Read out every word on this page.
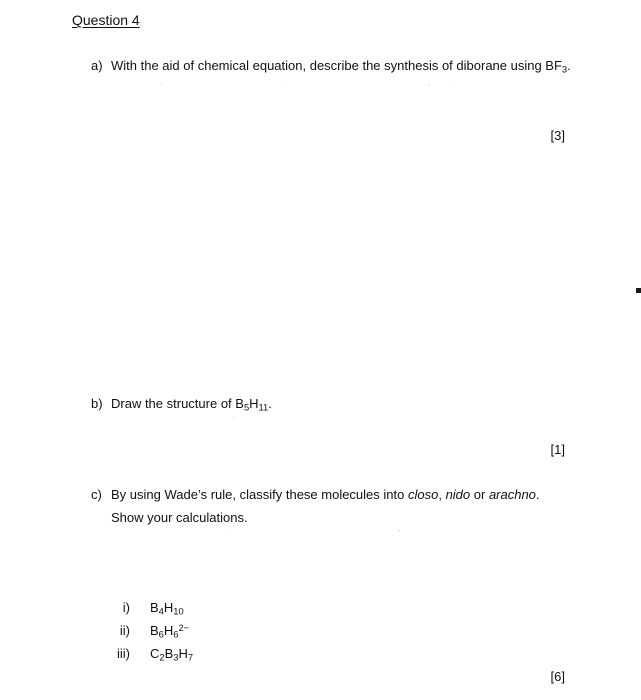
Question 4
a) With the aid of chemical equation, describe the synthesis of diborane using $BF_3$.
.	·	,	·
[3]
b) Draw the structure of $B_5H_{11}$.
·
[1]
c) By using Wade’s rule, classify these molecules into closo, nido or arachno.
Show your calculations.
·	-
i) $B_4H_{10}$
ii) $B_6H_6^{2-}$
iii) $C_2B_3H_7$
[6]
